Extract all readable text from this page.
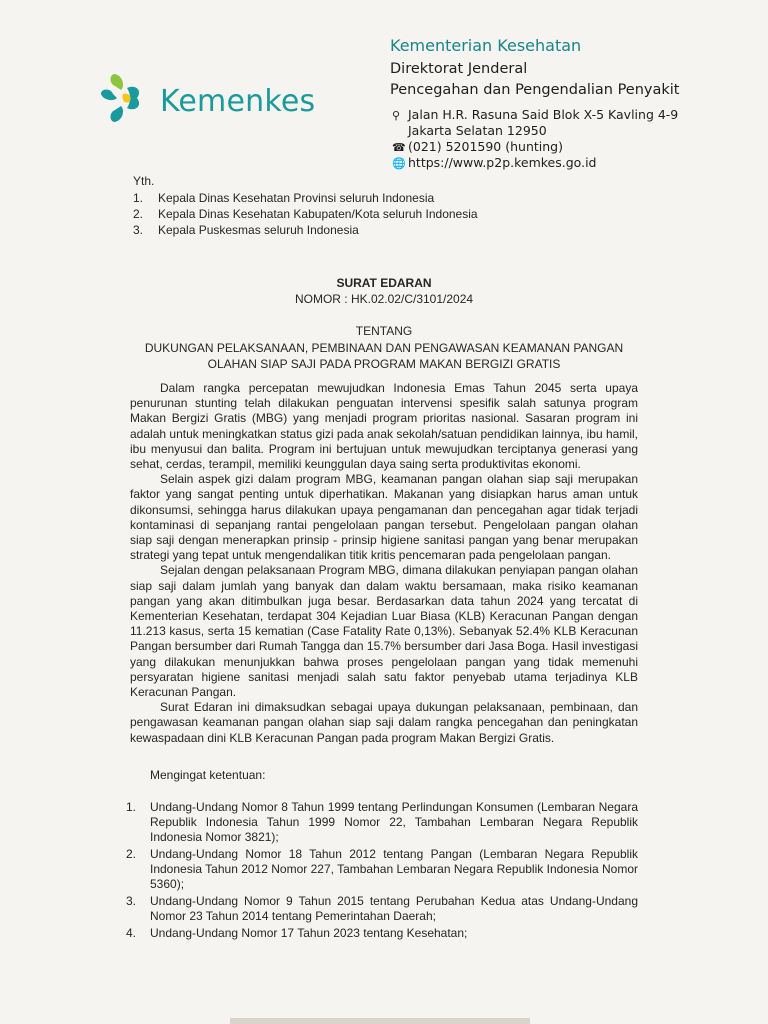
Kemenkes
Kementerian Kesehatan
Direktorat Jenderal
Pencegahan dan Pengendalian Penyakit
⚲ Jalan H.R. Rasuna Said Blok X-5 Kavling 4-9
Jakarta Selatan 12950
☎ (021) 5201590 (hunting)
🌐 https://www.p2p.kemkes.go.id
Yth.
1.	Kepala Dinas Kesehatan Provinsi seluruh Indonesia
2.	Kepala Dinas Kesehatan Kabupaten/Kota seluruh Indonesia
3.	Kepala Puskesmas seluruh Indonesia
SURAT EDARAN
NOMOR : HK.02.02/C/3101/2024
TENTANG
DUKUNGAN PELAKSANAAN, PEMBINAAN DAN PENGAWASAN KEAMANAN PANGAN
OLAHAN SIAP SAJI PADA PROGRAM MAKAN BERGIZI GRATIS

Dalam rangka percepatan mewujudkan Indonesia Emas Tahun 2045 serta upaya penurunan stunting telah dilakukan penguatan intervensi spesifik salah satunya program Makan Bergizi Gratis (MBG) yang menjadi program prioritas nasional. Sasaran program ini adalah untuk meningkatkan status gizi pada anak sekolah/satuan pendidikan lainnya, ibu hamil, ibu menyusui dan balita. Program ini bertujuan untuk mewujudkan terciptanya generasi yang sehat, cerdas, terampil, memiliki keunggulan daya saing serta produktivitas ekonomi.

Selain aspek gizi dalam program MBG, keamanan pangan olahan siap saji merupakan faktor yang sangat penting untuk diperhatikan. Makanan yang disiapkan harus aman untuk dikonsumsi, sehingga harus dilakukan upaya pengamanan dan pencegahan agar tidak terjadi kontaminasi di sepanjang rantai pengelolaan pangan tersebut. Pengelolaan pangan olahan siap saji dengan menerapkan prinsip - prinsip higiene sanitasi pangan yang benar merupakan strategi yang tepat untuk mengendalikan titik kritis pencemaran pada pengelolaan pangan.

Sejalan dengan pelaksanaan Program MBG, dimana dilakukan penyiapan pangan olahan siap saji dalam jumlah yang banyak dan dalam waktu bersamaan, maka risiko keamanan pangan yang akan ditimbulkan juga besar. Berdasarkan data tahun 2024 yang tercatat di Kementerian Kesehatan, terdapat 304 Kejadian Luar Biasa (KLB) Keracunan Pangan dengan 11.213 kasus, serta 15 kematian (Case Fatality Rate 0,13%). Sebanyak 52.4% KLB Keracunan Pangan bersumber dari Rumah Tangga dan 15.7% bersumber dari Jasa Boga. Hasil investigasi yang dilakukan menunjukkan bahwa proses pengelolaan pangan yang tidak memenuhi persyaratan higiene sanitasi menjadi salah satu faktor penyebab utama terjadinya KLB Keracunan Pangan.

Surat Edaran ini dimaksudkan sebagai upaya dukungan pelaksanaan, pembinaan, dan pengawasan keamanan pangan olahan siap saji dalam rangka pencegahan dan peningkatan kewaspadaan dini KLB Keracunan Pangan pada program Makan Bergizi Gratis.

Mengingat ketentuan:
1.	Undang-Undang Nomor 8 Tahun 1999 tentang Perlindungan Konsumen (Lembaran Negara Republik Indonesia Tahun 1999 Nomor 22, Tambahan Lembaran Negara Republik Indonesia Nomor 3821);
2.	Undang-Undang Nomor 18 Tahun 2012 tentang Pangan (Lembaran Negara Republik Indonesia Tahun 2012 Nomor 227, Tambahan Lembaran Negara Republik Indonesia Nomor 5360);
3.	Undang-Undang Nomor 9 Tahun 2015 tentang Perubahan Kedua atas Undang-Undang Nomor 23 Tahun 2014 tentang Pemerintahan Daerah;
4.	Undang-Undang Nomor 17 Tahun 2023 tentang Kesehatan;
